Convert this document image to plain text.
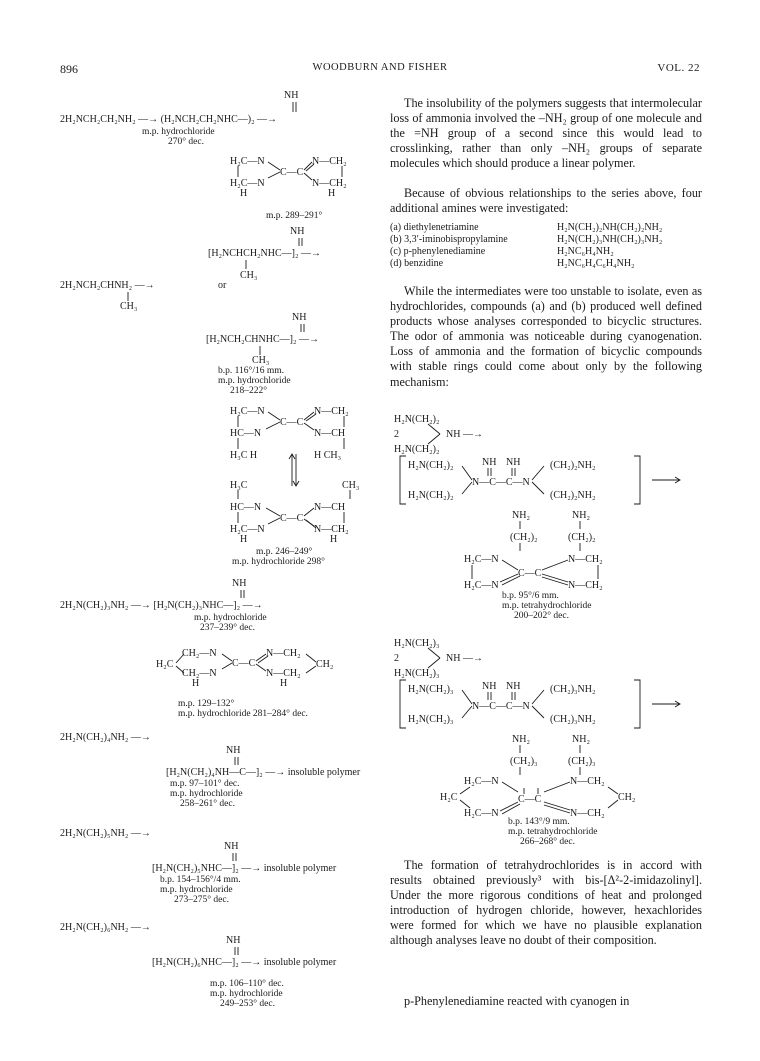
896	WOODBURN AND FISHER	VOL. 22
NH
2H₂NCH₂CH₂NH₂ —→ (H₂NCH₂CH₂NHC—)₂ —→
m.p. hydrochloride
270° dec.
H₂C—N
H₂C—N
H
N—CH₂
N—CH₂
H
C—C
m.p. 289–291°
NH
[H₂NCHCH₂NHC—]₂ —→
CH₃
2H₂NCH₂CHNH₂ —→	or
CH₃
NH
[H₂NCH₂CHNHC—]₂ —→
CH₃
b.p. 116°/16 mm.
m.p. hydrochloride
218–222°
H₂C—N
HC—N
H₃C H
N—CH₂
N—CH
H CH₃
C—C
H₃C	CH₃
HC—N
H₂C—N
H
N—CH
N—CH₂
H
C—C
m.p. 246–249°
m.p. hydrochloride 298°
NH
2H₂N(CH₂)₃NH₂ —→ [H₂N(CH₂)₃NHC—]₂ —→
m.p. hydrochloride
237–239° dec.
CH₂—N
CH₂—N
H
H₂C	C—C
N—CH₂
N—CH₂
H
CH₂
m.p. 129–132°
m.p. hydrochloride 281–284° dec.
2H₂N(CH₂)₄NH₂ —→
NH
[H₂N(CH₂)₄NH—C—]₂ —→ insoluble polymer
m.p. 97–101° dec.
m.p. hydrochloride
258–261° dec.
2H₂N(CH₂)₅NH₂ —→
NH
[H₂N(CH₂)₅NHC—]₂ —→ insoluble polymer
b.p. 154–156°/4 mm.
m.p. hydrochloride
273–275° dec.
2H₂N(CH₂)₆NH₂ —→
NH
[H₂N(CH₂)₆NHC—]₂ —→ insoluble polymer
m.p. 106–110° dec.
m.p. hydrochloride
249–253° dec.

The insolubility of the polymers suggests that intermolecular loss of ammonia involved the –NH₂ group of one molecule and the =NH group of a second since this would lead to crosslinking, rather than only –NH₂ groups of separate molecules which should produce a linear polymer.

Because of obvious relationships to the series above, four additional amines were investigated:

(a) diethylenetriamine	H₂N(CH₂)₂NH(CH₂)₂NH₂
(b) 3,3′-iminobispropylamine	H₂N(CH₂)₃NH(CH₂)₃NH₂
(c) p-phenylenediamine	H₂NC₆H₄NH₂
(d) benzidine	H₂NC₆H₄C₆H₄NH₂

While the intermediates were too unstable to isolate, even as hydrochlorides, compounds (a) and (b) produced well defined products whose analyses corresponded to bicyclic structures. The odor of ammonia was noticeable during cyanogenation. Loss of ammonia and the formation of bicyclic compounds with stable rings could come about only by the following mechanism:

H₂N(CH₂)₂
2	NH —→
H₂N(CH₂)₂
H₂N(CH₂)₂
H₂N(CH₂)₂
NH NH
N—C—C—N
(CH₂)₂NH₂
(CH₂)₂NH₂
NH₂	NH₂
(CH₂)₂	(CH₂)₂
H₂C—N	N—CH₂
H₂C—N	N—CH₂
C—C
b.p. 95°/6 mm.
m.p. tetrahydrochloride
200–202° dec.
H₂N(CH₂)₃
2	NH —→
H₂N(CH₂)₃
H₂N(CH₂)₃
H₂N(CH₂)₃
NH NH
N—C—C—N
(CH₂)₃NH₂
(CH₂)₃NH₂
NH₂	NH₂
(CH₂)₃	(CH₂)₃
H₂C—N	N—CH₂
H₂C	CH₂
H₂C—N	N—CH₂
C—C
b.p. 143°/9 mm.
m.p. tetrahydrochloride
266–268° dec.

The formation of tetrahydrochlorides is in accord with results obtained previously³ with bis-[Δ²-2-imidazolinyl]. Under the more rigorous conditions of heat and prolonged introduction of hydrogen chloride, however, hexachlorides were formed for which we have no plausible explanation although analyses leave no doubt of their composition.

p-Phenylenediamine reacted with cyanogen in
